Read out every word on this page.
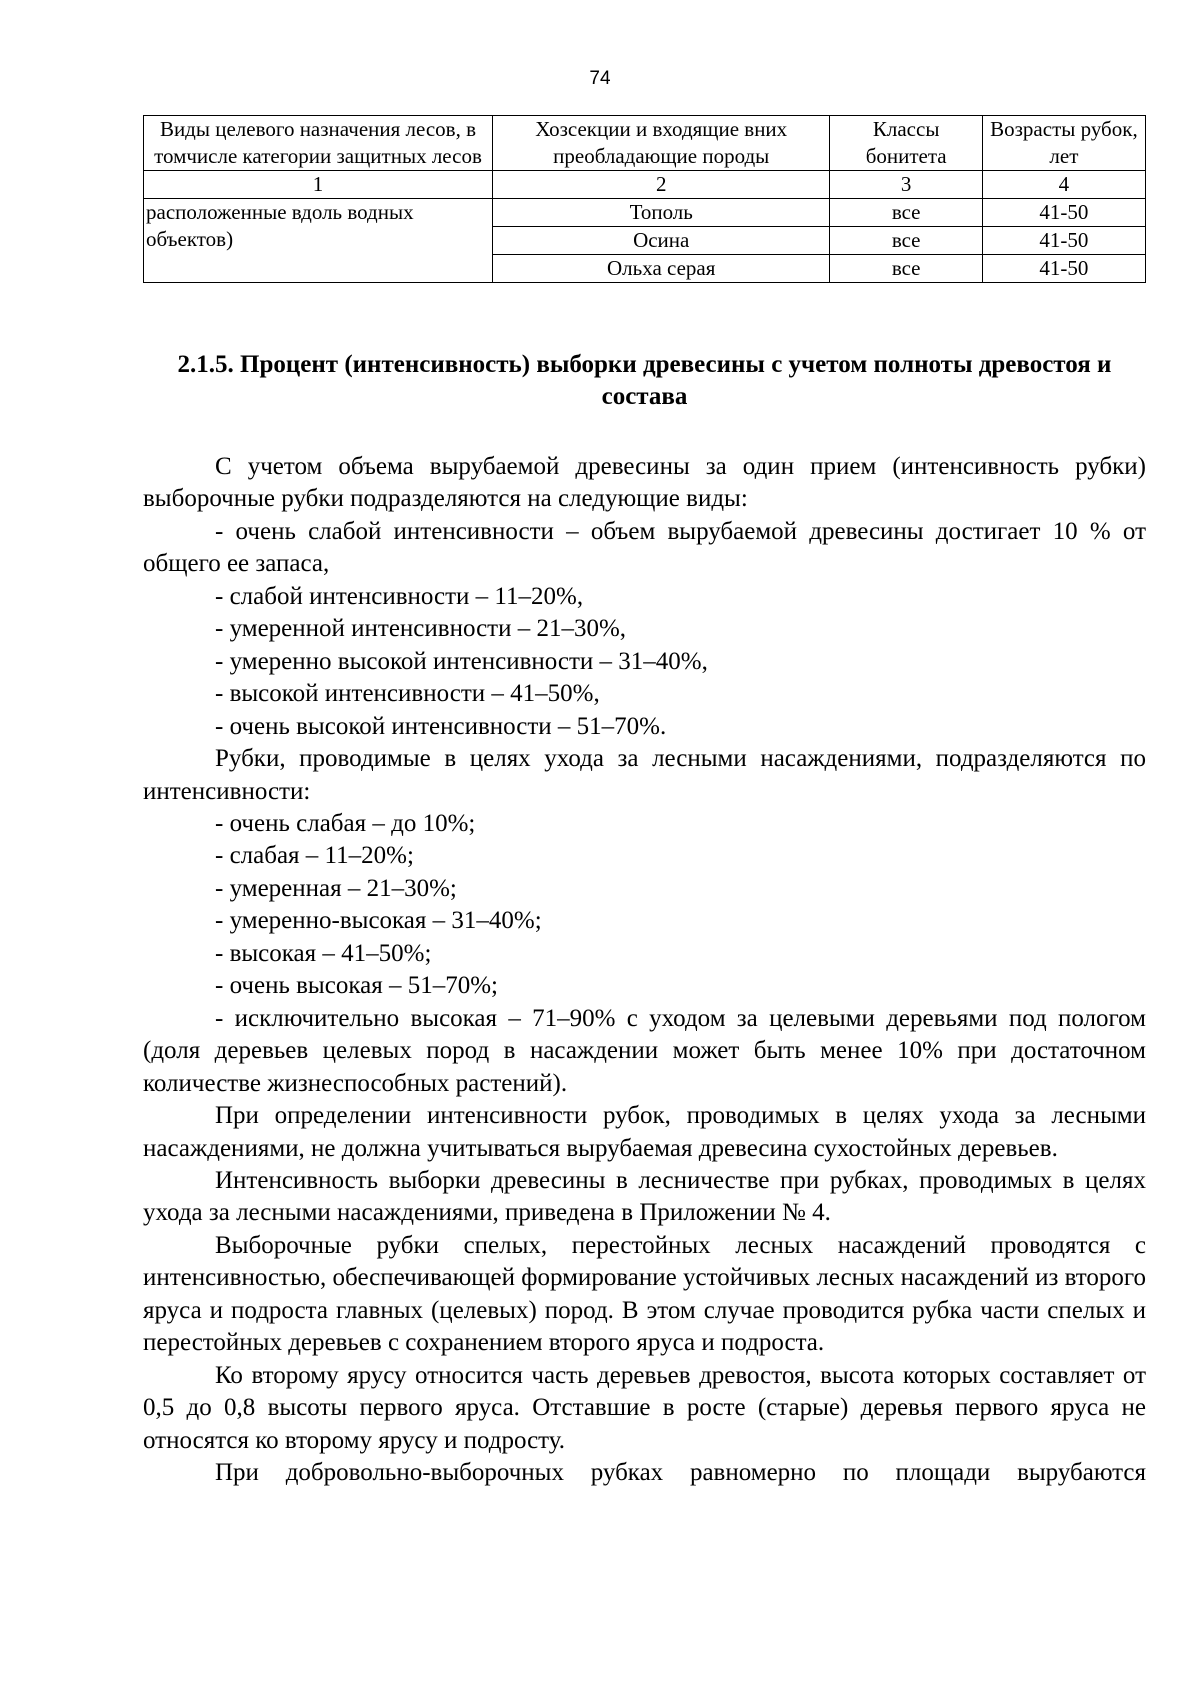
74
Виды целевого назначения лесов, в томчисле категории защитных лесов	Хозсекции и входящие вних преобладающие породы	Классы бонитета	Возрасты рубок, лет
1	2	3	4
расположенные вдоль водных объектов)	Тополь	все	41-50
	Осина	все	41-50
	Ольха серая	все	41-50
2.1.5. Процент (интенсивность) выборки древесины с учетом полноты древостоя и состава

С учетом объема вырубаемой древесины за один прием (интенсивность рубки) выборочные рубки подразделяются на следующие виды:

- очень слабой интенсивности – объем вырубаемой древесины достигает 10 % от общего ее запаса,

- слабой интенсивности – 11–20%,

- умеренной интенсивности – 21–30%,

- умеренно высокой интенсивности – 31–40%,

- высокой интенсивности – 41–50%,

- очень высокой интенсивности – 51–70%.

Рубки, проводимые в целях ухода за лесными насаждениями, подразделяются по интенсивности:

- очень слабая – до 10%;

- слабая – 11–20%;

- умеренная – 21–30%;

- умеренно-высокая – 31–40%;

- высокая – 41–50%;

- очень высокая – 51–70%;

- исключительно высокая – 71–90% с уходом за целевыми деревьями под пологом (доля деревьев целевых пород в насаждении может быть менее 10% при достаточном количестве жизнеспособных растений).

При определении интенсивности рубок, проводимых в целях ухода за лесными насаждениями, не должна учитываться вырубаемая древесина сухостойных деревьев.

Интенсивность выборки древесины в лесничестве при рубках, проводимых в целях ухода за лесными насаждениями, приведена в Приложении № 4.

Выборочные рубки спелых, перестойных лесных насаждений проводятся с интенсивностью, обеспечивающей формирование устойчивых лесных насаждений из второго яруса и подроста главных (целевых) пород. В этом случае проводится рубка части спелых и перестойных деревьев с сохранением второго яруса и подроста.

Ко второму ярусу относится часть деревьев древостоя, высота которых составляет от 0,5 до 0,8 высоты первого яруса. Отставшие в росте (старые) деревья первого яруса не относятся ко второму ярусу и подросту.

При добровольно-выборочных рубках равномерно по площади вырубаются
